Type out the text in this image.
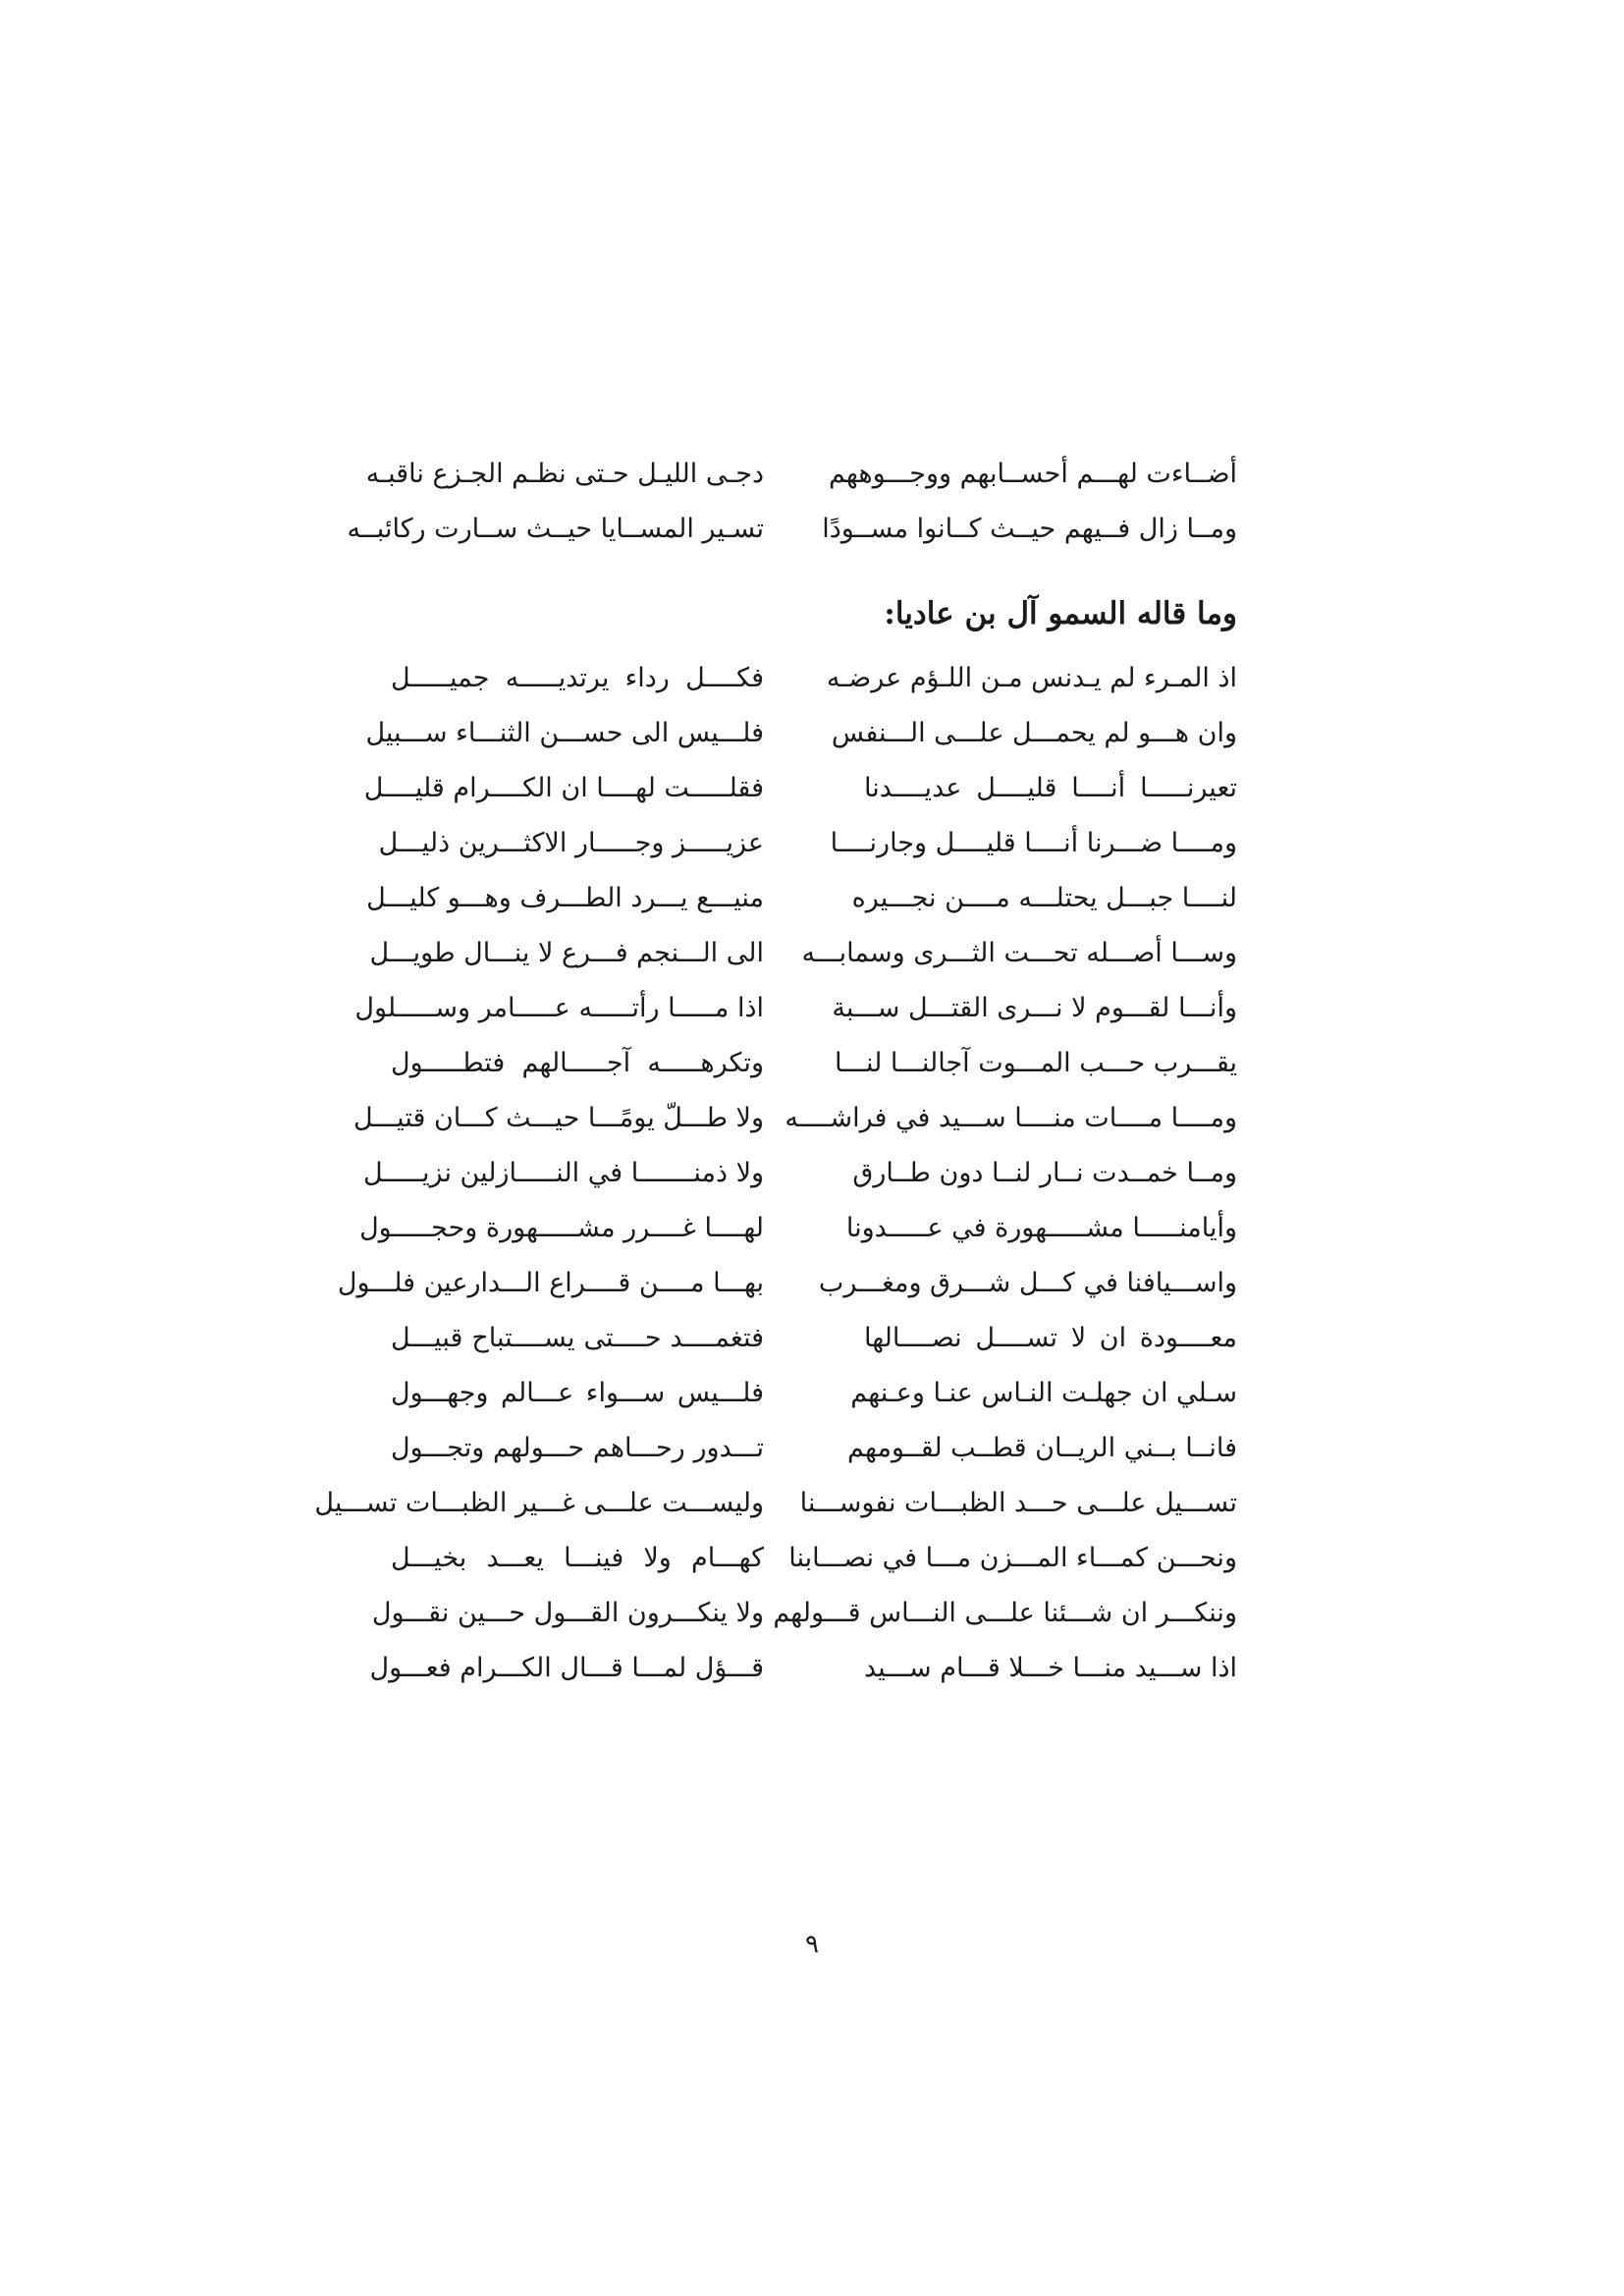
أضــاءت لهـــم أحســابهم ووجـــوههم
دجـى الليـل حـتى نظـم الجـزع ناقبـه
ومــا زال فــيهم حيــث كــانوا مســودًا
تسـير المســايا حيــث ســارت ركائبــه
وما قاله السمو آل بن عاديا:
اذ المـرء لم يـدنس مـن اللـؤم عرضـه
فكــــل رداء يرتديـــــه جميـــــل
وان هـــو لم يحمـــل علـــى الـــنفس
فلـــيس الى حســـن الثنـــاء ســـبيل
تعيرنـــــا أنــــا قليــــل عديــــدنا
فقلـــــت لهــــا ان الكــــرام قليــــل
ومــــا ضـــرنا أنــــا قليــــل وجارنــــا
عزيـــــز وجـــــار الاكثـــرين ذليـــل
لنــــا جبـــل يحتلـــه مــــن نجـــيره
منيـــع يـــرد الطـــرف وهـــو كليـــل
وســـا أصـــله تحـــت الثـــرى وسمابـــه
الى الـــنجم فـــرع لا ينـــال طويـــل
وأنـــا لقـــوم لا نـــرى القتـــل ســـبة
اذا مـــــا رأتـــــه عـــــامر وســـــلول
يقـــرب حـــب المـــوت آجالنـــا لنـــا
وتكرهـــــه آجـــــالهم فتطـــــول
ومــــا مــــات منــــا ســـيد في فراشــــه
ولا طـــلّ يومًـــا حيـــث كـــان قتيـــل
ومــا خمــدت نــار لنــا دون طــارق
ولا ذمنـــــــا في النـــــازلين نزيـــــل
وأيامنـــــا مشـــــهورة في عـــــدونا
لهــــا غــــرر مشـــــهورة وحجـــــول
واســـيافنا في كـــل شـــرق ومغـــرب
بهـــا مــــن قــــراع الـــدارعين فلـــول
معــــودة ان لا تســــل نصــــالها
فتغمــــد حــــتى يســــتباح قبيـــل
سـلي ان جهلـت النـاس عنـا وعـنهم
فلـــيس ســـواء عـــالم وجهـــول
فانــا بــني الريــان قطــب لقــومهم
تـــدور رحـــاهم حـــولهم وتجـــول
تســـيل علـــى حـــد الظبـــات نفوســـنا
وليســـت علـــى غـــير الظبـــات تســـيل
ونحـــن كمـــاء المـــزن مـــا في نصـــابنا
كهـــام ولا فينـــا يعـــد بخيـــل
وننكـــر ان شـــئنا علـــى النـــاس قـــولهم
ولا ينكـــرون القـــول حـــين نقـــول
اذا ســـيد منـــا خـــلا قـــام ســـيد
قـــؤل لمـــا قـــال الكـــرام فعـــول
٩
